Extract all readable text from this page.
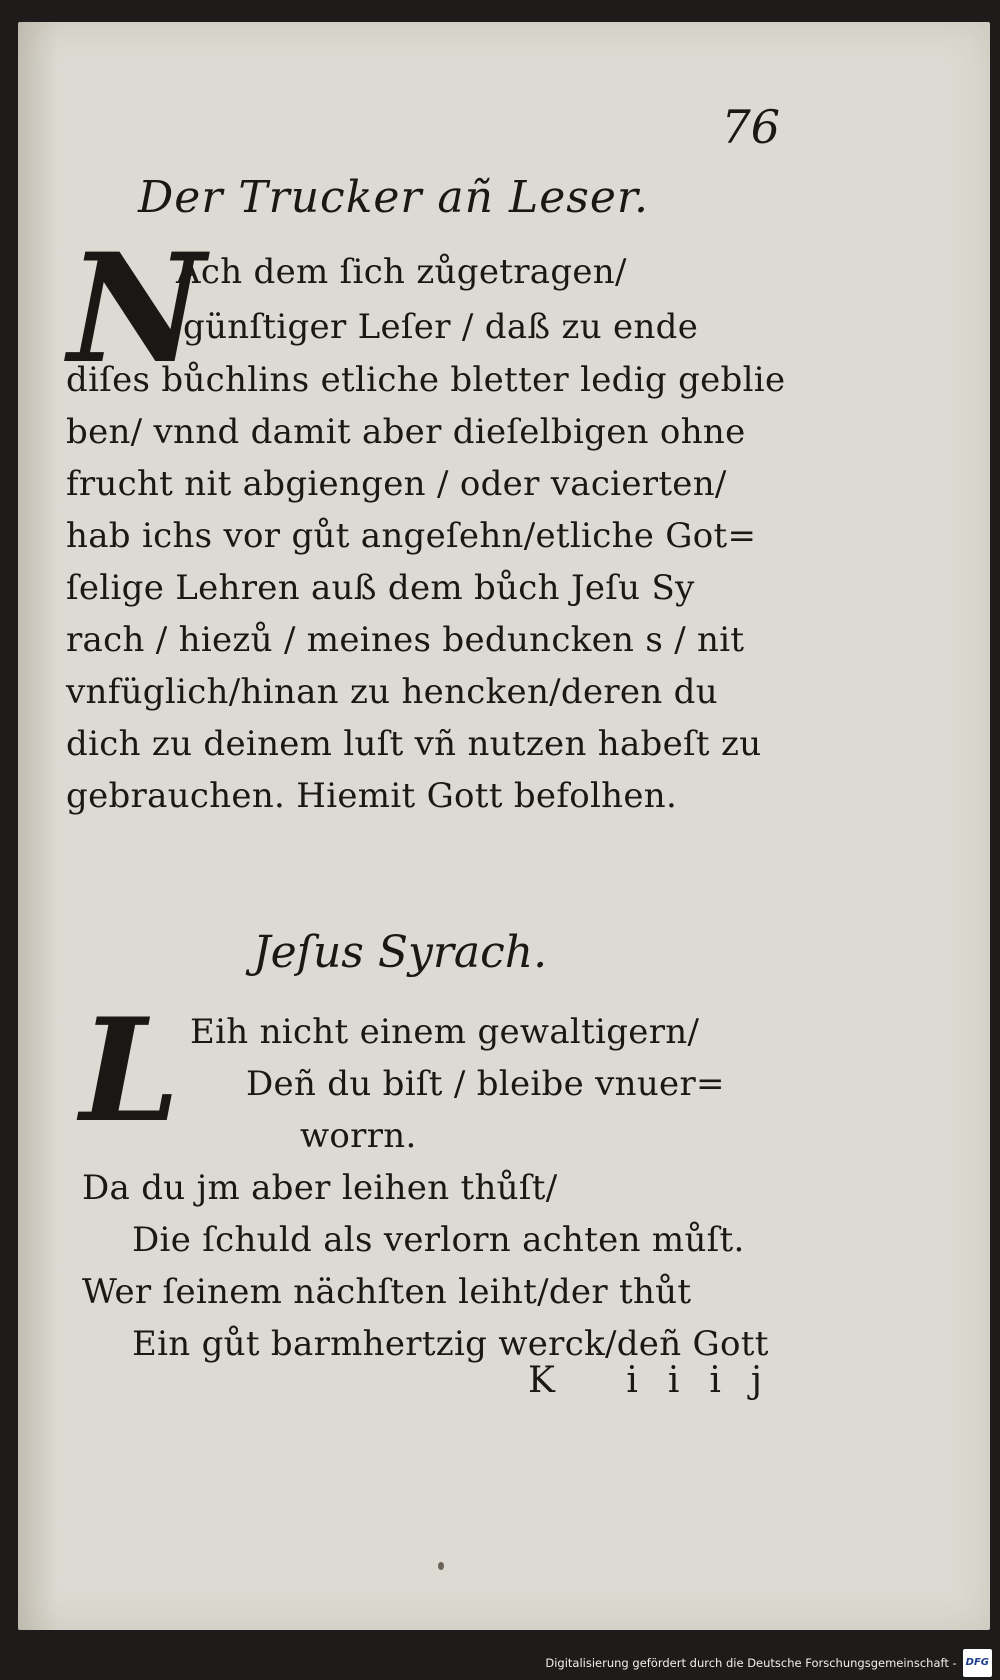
76
Der Trucker añ Leser.
N
Ach dem ſich zůgetragen/
günſtiger Leſer / daß zu ende
diſes bůchlins etliche bletter ledig geblie
ben/ vnnd damit aber dieſelbigen ohne
frucht nit abgiengen / oder vacierten/
hab ichs vor gůt angeſehn/etliche Got=
ſelige Lehren auß dem bůch Jeſu Sy
rach / hiezů / meines beduncken s / nit
vnfüglich/hinan zu hencken/deren du
dich zu deinem luſt vñ nutzen habeſt zu
gebrauchen. Hiemit Gott befolhen.
Jeſus Syrach.
L Eih nicht einem gewaltigern/
Deñ du biſt / bleibe vnuer=
worrn.
Da du jm aber leihen thůſt/
Die ſchuld als verlorn achten můſt.
Wer ſeinem nächſten leiht/der thůt
Ein gůt barmhertzig werck/deñ Gott
K iiij
Digitalisierung gefördert durch die Deutsche Forschungsgemeinschaft - DFG
